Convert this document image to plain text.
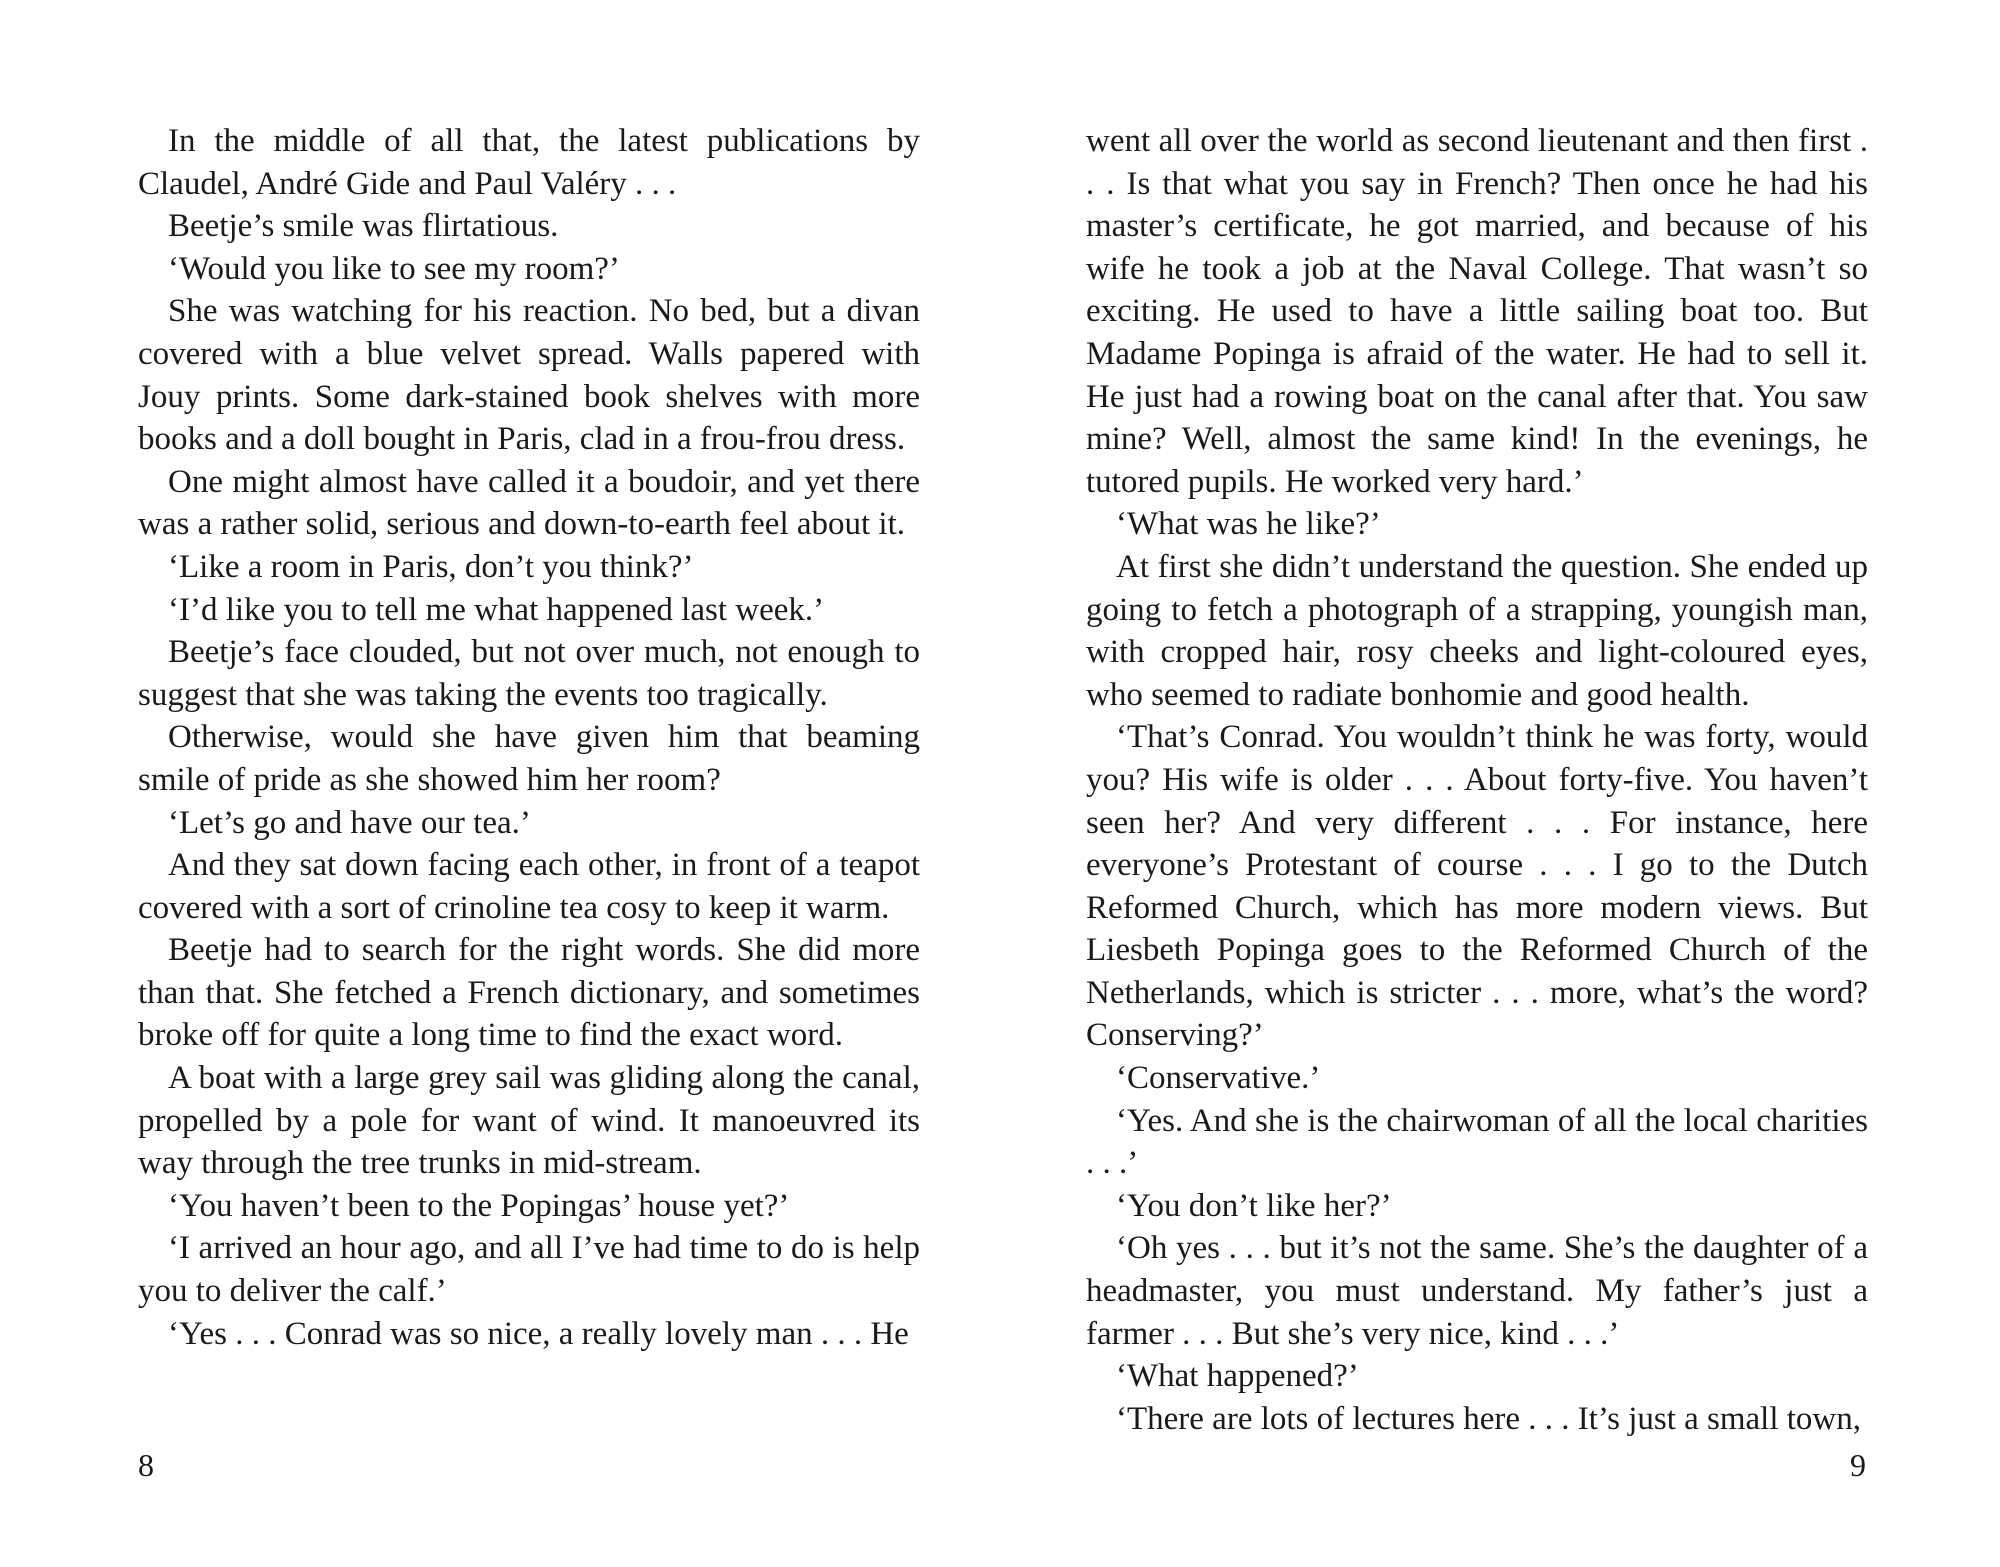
In the middle of all that, the latest publications by Claudel, André Gide and Paul Valéry . . .

Beetje’s smile was flirtatious.

‘Would you like to see my room?’

She was watching for his reaction. No bed, but a divan covered with a blue velvet spread. Walls papered with Jouy prints. Some dark-stained book shelves with more books and a doll bought in Paris, clad in a frou-frou dress.

One might almost have called it a boudoir, and yet there was a rather solid, serious and down-to-earth feel about it.

‘Like a room in Paris, don’t you think?’

‘I’d like you to tell me what happened last week.’

Beetje’s face clouded, but not over much, not enough to suggest that she was taking the events too tragically.

Otherwise, would she have given him that beaming smile of pride as she showed him her room?

‘Let’s go and have our tea.’

And they sat down facing each other, in front of a teapot covered with a sort of crinoline tea cosy to keep it warm.

Beetje had to search for the right words. She did more than that. She fetched a French dictionary, and sometimes broke off for quite a long time to find the exact word.

A boat with a large grey sail was gliding along the canal, propelled by a pole for want of wind. It manoeuvred its way through the tree trunks in mid-stream.

‘You haven’t been to the Popingas’ house yet?’

‘I arrived an hour ago, and all I’ve had time to do is help you to deliver the calf.’

‘Yes . . . Conrad was so nice, a really lovely man . . . He

8

went all over the world as second lieutenant and then first . . . Is that what you say in French? Then once he had his master’s certificate, he got married, and because of his wife he took a job at the Naval College. That wasn’t so exciting. He used to have a little sailing boat too. But Madame Popinga is afraid of the water. He had to sell it. He just had a rowing boat on the canal after that. You saw mine? Well, almost the same kind! In the evenings, he tutored pupils. He worked very hard.’

‘What was he like?’

At first she didn’t understand the question. She ended up going to fetch a photograph of a strapping, youngish man, with cropped hair, rosy cheeks and light-coloured eyes, who seemed to radiate bonhomie and good health.

‘That’s Conrad. You wouldn’t think he was forty, would you? His wife is older . . . About forty-five. You haven’t seen her? And very different . . . For instance, here everyone’s Protestant of course . . . I go to the Dutch Reformed Church, which has more modern views. But Liesbeth Popinga goes to the Reformed Church of the Netherlands, which is stricter . . . more, what’s the word? Conserving?’

‘Conservative.’

‘Yes. And she is the chairwoman of all the local charities . . .’

‘You don’t like her?’

‘Oh yes . . . but it’s not the same. She’s the daughter of a headmaster, you must understand. My father’s just a farmer . . . But she’s very nice, kind . . .’

‘What happened?’

‘There are lots of lectures here . . . It’s just a small town,

9
